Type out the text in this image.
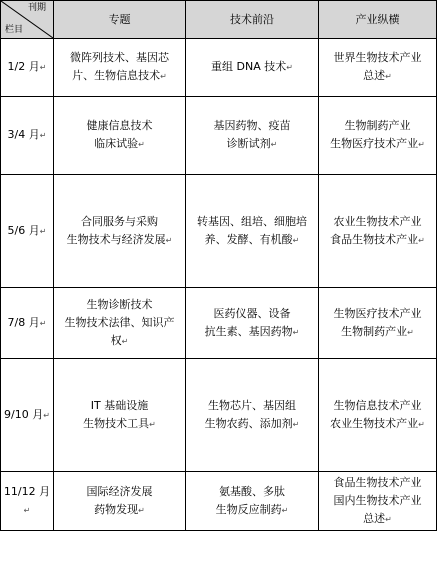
刊期
栏目	专题	技术前沿	产业纵横
1/2 月↵	微阵列技术、基因芯
片、生物信息技术↵	重组 DNA 技术↵	世界生物技术产业
总述↵

3/4 月↵	健康信息技术
临床试验↵	基因药物、疫苗
诊断试剂↵	生物制药产业
生物医疗技术产业↵

5/6 月↵	合同服务与采购
生物技术与经济发展↵	转基因、组培、细胞培
养、发酵、有机酸↵	农业生物技术产业
食品生物技术产业↵

7/8 月↵	生物诊断技术
生物技术法律、知识产
权↵	医药仪器、设备
抗生素、基因药物↵	生物医疗技术产业
生物制药产业↵

9/10 月↵	IT 基础设施
生物技术工具↵	生物芯片、基因组
生物农药、添加剂↵	生物信息技术产业
农业生物技术产业↵

11/12 月↵	国际经济发展
药物发现↵	氨基酸、多肽
生物反应制药↵	食品生物技术产业
国内生物技术产业
总述↵
